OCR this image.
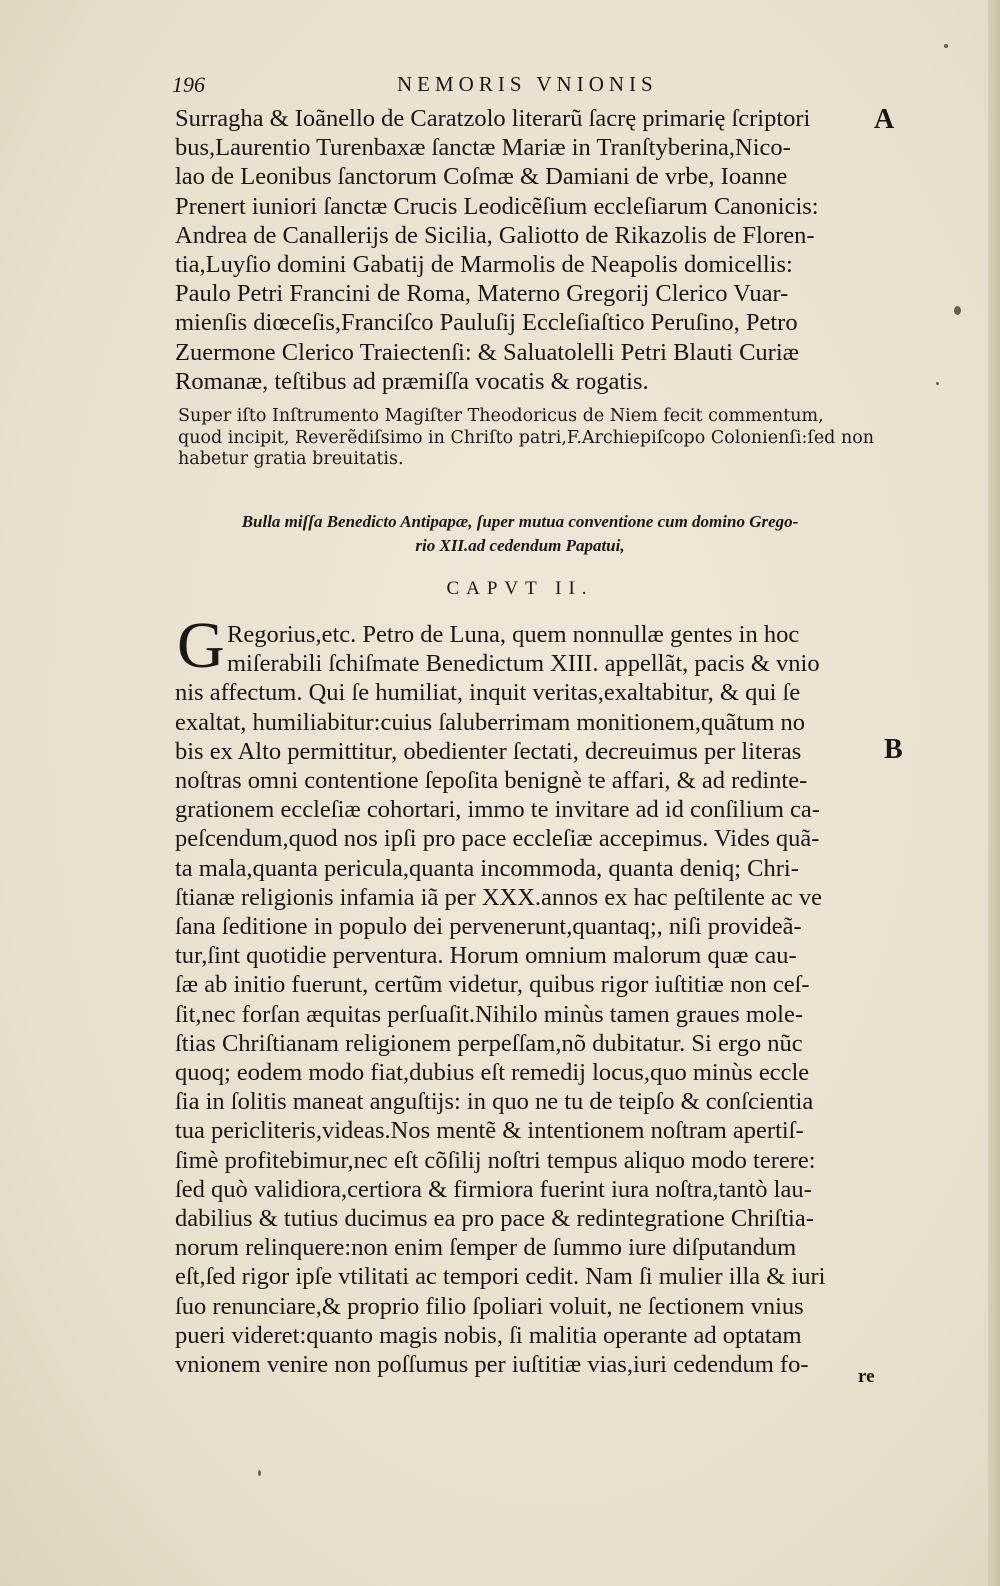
196	NEMORIS VNIONIS
A
B
Surragha & Ioãnello de Caratzolo literarũ ſacrę primarię ſcriptori
bus,Laurentio Turenbaxæ ſanctæ Mariæ in Tranſtyberina,Nico-
lao de Leonibus ſanctorum Coſmæ & Damiani de vrbe, Ioanne
Prenert iuniori ſanctæ Crucis Leodicẽſium eccleſiarum Canonicis:
Andrea de Canallerijs de Sicilia, Galiotto de Rikazolis de Floren-
tia,Luyſio domini Gabatij de Marmolis de Neapolis domicellis:
Paulo Petri Francini de Roma, Materno Gregorij Clerico Vuar-
mienſis diœceſis,Franciſco Pauluſij Eccleſiaſtico Peruſino, Petro
Zuermone Clerico Traiectenſi: & Saluatolelli Petri Blauti Curiæ
Romanæ, teſtibus ad præmiſſa vocatis & rogatis.
Super iſto Inſtrumento Magiſter Theodoricus de Niem fecit commentum,
quod incipit, Reverẽdiſsimo in Chriſto patri,F.Archiepiſcopo Colonienſi:ſed non
habetur gratia breuitatis.
Bulla miſſa Benedicto Antipapæ, ſuper mutua conventione cum domino Grego-
rio XII.ad cedendum Papatui,
CAPVT II.
G Regorius,etc. Petro de Luna, quem nonnullæ gentes in hoc
miſerabili ſchiſmate Benedictum XIII. appellãt, pacis & vnio
nis affectum. Qui ſe humiliat, inquit veritas,exaltabitur, & qui ſe
exaltat, humiliabitur:cuius ſaluberrimam monitionem,quãtum no
bis ex Alto permittitur, obedienter ſectati, decreuimus per literas
noſtras omni contentione ſepoſita benignè te affari, & ad redinte-
grationem eccleſiæ cohortari, immo te invitare ad id conſilium ca-
peſcendum,quod nos ipſi pro pace eccleſiæ accepimus. Vides quã-
ta mala,quanta pericula,quanta incommoda, quanta deniq; Chri-
ſtianæ religionis infamia iã per XXX.annos ex hac peſtilente ac ve
ſana ſeditione in populo dei pervenerunt,quantaq;, niſi provideã-
tur,ſint quotidie perventura. Horum omnium malorum quæ cau-
ſæ ab initio fuerunt, certũm videtur, quibus rigor iuſtitiæ non ceſ-
ſit,nec forſan æquitas perſuaſit.Nihilo minùs tamen graues mole-
ſtias Chriſtianam religionem perpeſſam,nõ dubitatur. Si ergo nũc
quoq; eodem modo fiat,dubius eſt remedij locus,quo minùs eccle
ſia in ſolitis maneat anguſtijs: in quo ne tu de teipſo & conſcientia
tua pericliteris,videas.Nos mentẽ & intentionem noſtram apertiſ-
ſimè profitebimur,nec eſt cõſilij noſtri tempus aliquo modo terere:
ſed quò validiora,certiora & firmiora fuerint iura noſtra,tantò lau-
dabilius & tutius ducimus ea pro pace & redintegratione Chriſtia-
norum relinquere:non enim ſemper de ſummo iure diſputandum
eſt,ſed rigor ipſe vtilitati ac tempori cedit. Nam ſi mulier illa & iuri
ſuo renunciare,& proprio filio ſpoliari voluit, ne ſectionem vnius
pueri videret:quanto magis nobis, ſi malitia operante ad optatam
vnionem venire non poſſumus per iuſtitiæ vias,iuri cedendum fo-	re
